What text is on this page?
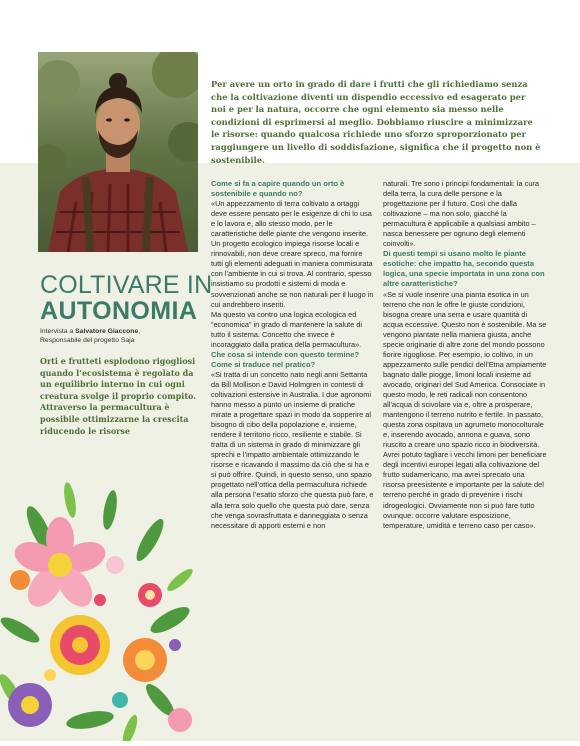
Per avere un orto in grado di dare i frutti che gli richiediamo senza che la coltivazione diventi un dispendio eccessivo ed esagerato per noi e per la natura, occorre che ogni elemento sia messo nelle condizioni di esprimersi al meglio. Dobbiamo riuscire a minimizzare le risorse: quando qualcosa richiede uno sforzo sproporzionato per raggiungere un livello di soddisfazione, significa che il progetto non è sostenibile.

COLTIVARE IN
AUTONOMIA
Intervista a Salvatore Giaccone,
Responsabile del progetto Saja

Orti e frutteti esplodono rigogliosi quando l’ecosistema è regolato da un equilibrio interno in cui ogni creatura svolge il proprio compito. Attraverso la permacultura è possibile ottimizzarne la crescita riducendo le risorse

Come si fa a capire quando un orto è sostenibile e quando no?

«Un appezzamento di terra coltivato a ortaggi deve essere pensato per le esigenze di chi lo usa e lo lavora e, allo stesso modo, per le caratteristiche delle piante che vengono inserite. Un progetto ecologico impiega risorse locali e rinnovabili, non deve creare spreco, ma fornire tutti gli elementi adeguati in maniera commisurata con l’ambiente in cui si trova. Al contrario, spesso insistiamo su prodotti e sistemi di moda e sovvenzionati anche se non naturali per il luogo in cui andrebbero inseriti.

Ma questo va contro una logica ecologica ed “economica” in grado di mantenere la salute di tutto il sistema. Concetto che invece è incoraggiato dalla pratica della permacultura».

Che cosa si intende con questo termine? Come si traduce nel pratico?

«Si tratta di un concetto nato negli anni Settanta da Bill Mollison e David Holmgren in contesti di coltivazioni estensive in Australia. I due agronomi hanno messo a punto un insieme di pratiche mirate a progettare spazi in modo da sopperire al bisogno di cibo della popolazione e, insieme, rendere il territorio ricco, resiliente e stabile. Si tratta di un sistema in grado di minimizzare gli sprechi e l’impatto ambientale ottimizzando le risorse e ricavando il massimo da ciò che si ha e si può offrire. Quindi, in questo senso, uno spazio progettato nell’ottica della permacultura richiede alla persona l’esatto sforzo che questa può fare, e alla terra solo quello che questa può dare, senza che venga sovrasfruttata e danneggiata o senza necessitare di apporti esterni e non

naturali. Tre sono i principi fondamentali: la cura della terra, la cura delle persone e la progettazione per il futuro. Così che dalla coltivazione – ma non solo, giacché la permacultura è applicabile a qualsiasi ambito – nasca benessere per ognuno degli elementi coinvolti».

Di questi tempi si usano molto le piante esotiche: che impatto ha, secondo questa logica, una specie importata in una zona con altre caratteristiche?

«Se si vuole inserire una pianta esotica in un terreno che non le offre le giuste condizioni, bisogna creare una serra e usare quantità di acqua eccessive. Questo non è sostenibile. Ma se vengono piantate nella maniera giusta, anche specie originarie di altre zone del mondo possono fiorire rigogliose. Per esempio, io coltivo, in un appezzamento sulle pendici dell’Etna ampiamente bagnato dalle piogge, limoni locali insieme ad avocado, originari del Sud America. Consociate in questo modo, le reti radicali non consentono all’acqua di scivolare via e, oltre a prosperare, mantengono il terreno nutrito e fertile. In passato, questa zona ospitava un agrumeto monocolturale e, inserendo avocado, annona e guava, sono riuscito a creare uno spazio ricco in biodiversità. Avrei potuto tagliare i vecchi limoni per beneficiare degli incentivi europei legati alla coltivazione del frutto sudamericano, ma avrei sprecato una risorsa preesistente e importante per la salute del terreno perché in grado di prevenire i rischi idrogeologici. Ovviamente non si può fare tutto ovunque: occorre valutare esposizione, temperature, umidità e terreno caso per caso».
